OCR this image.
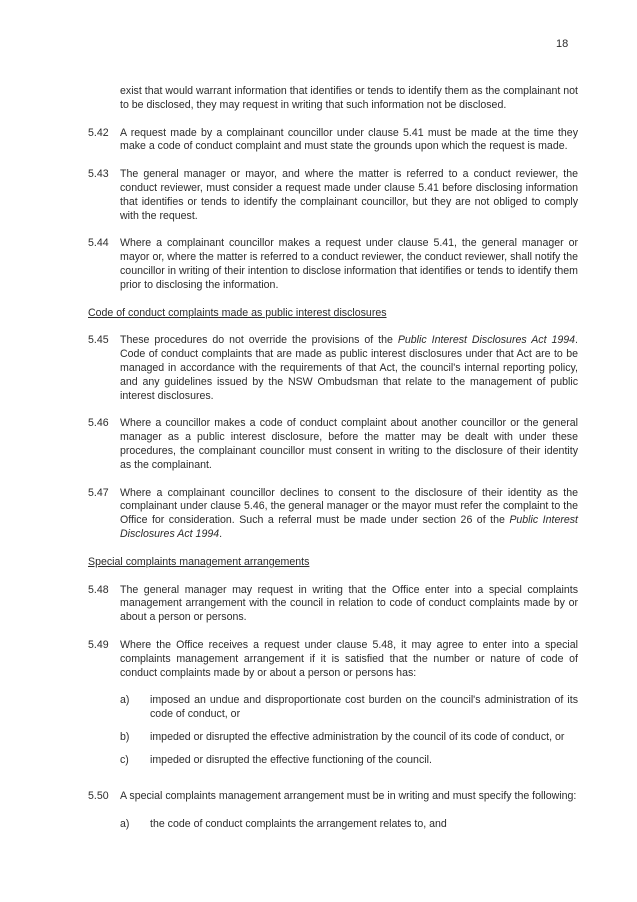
18
exist that would warrant information that identifies or tends to identify them as the complainant not to be disclosed, they may request in writing that such information not be disclosed.
5.42	A request made by a complainant councillor under clause 5.41 must be made at the time they make a code of conduct complaint and must state the grounds upon which the request is made.
5.43	The general manager or mayor, and where the matter is referred to a conduct reviewer, the conduct reviewer, must consider a request made under clause 5.41 before disclosing information that identifies or tends to identify the complainant councillor, but they are not obliged to comply with the request.
5.44	Where a complainant councillor makes a request under clause 5.41, the general manager or mayor or, where the matter is referred to a conduct reviewer, the conduct reviewer, shall notify the councillor in writing of their intention to disclose information that identifies or tends to identify them prior to disclosing the information.
Code of conduct complaints made as public interest disclosures
5.45	These procedures do not override the provisions of the Public Interest Disclosures Act 1994. Code of conduct complaints that are made as public interest disclosures under that Act are to be managed in accordance with the requirements of that Act, the council's internal reporting policy, and any guidelines issued by the NSW Ombudsman that relate to the management of public interest disclosures.
5.46	Where a councillor makes a code of conduct complaint about another councillor or the general manager as a public interest disclosure, before the matter may be dealt with under these procedures, the complainant councillor must consent in writing to the disclosure of their identity as the complainant.
5.47	Where a complainant councillor declines to consent to the disclosure of their identity as the complainant under clause 5.46, the general manager or the mayor must refer the complaint to the Office for consideration. Such a referral must be made under section 26 of the Public Interest Disclosures Act 1994.
Special complaints management arrangements
5.48	The general manager may request in writing that the Office enter into a special complaints management arrangement with the council in relation to code of conduct complaints made by or about a person or persons.
5.49	Where the Office receives a request under clause 5.48, it may agree to enter into a special complaints management arrangement if it is satisfied that the number or nature of code of conduct complaints made by or about a person or persons has:
a)	imposed an undue and disproportionate cost burden on the council's administration of its code of conduct, or
b)	impeded or disrupted the effective administration by the council of its code of conduct, or
c)	impeded or disrupted the effective functioning of the council.
5.50	A special complaints management arrangement must be in writing and must specify the following:
a)	the code of conduct complaints the arrangement relates to, and
